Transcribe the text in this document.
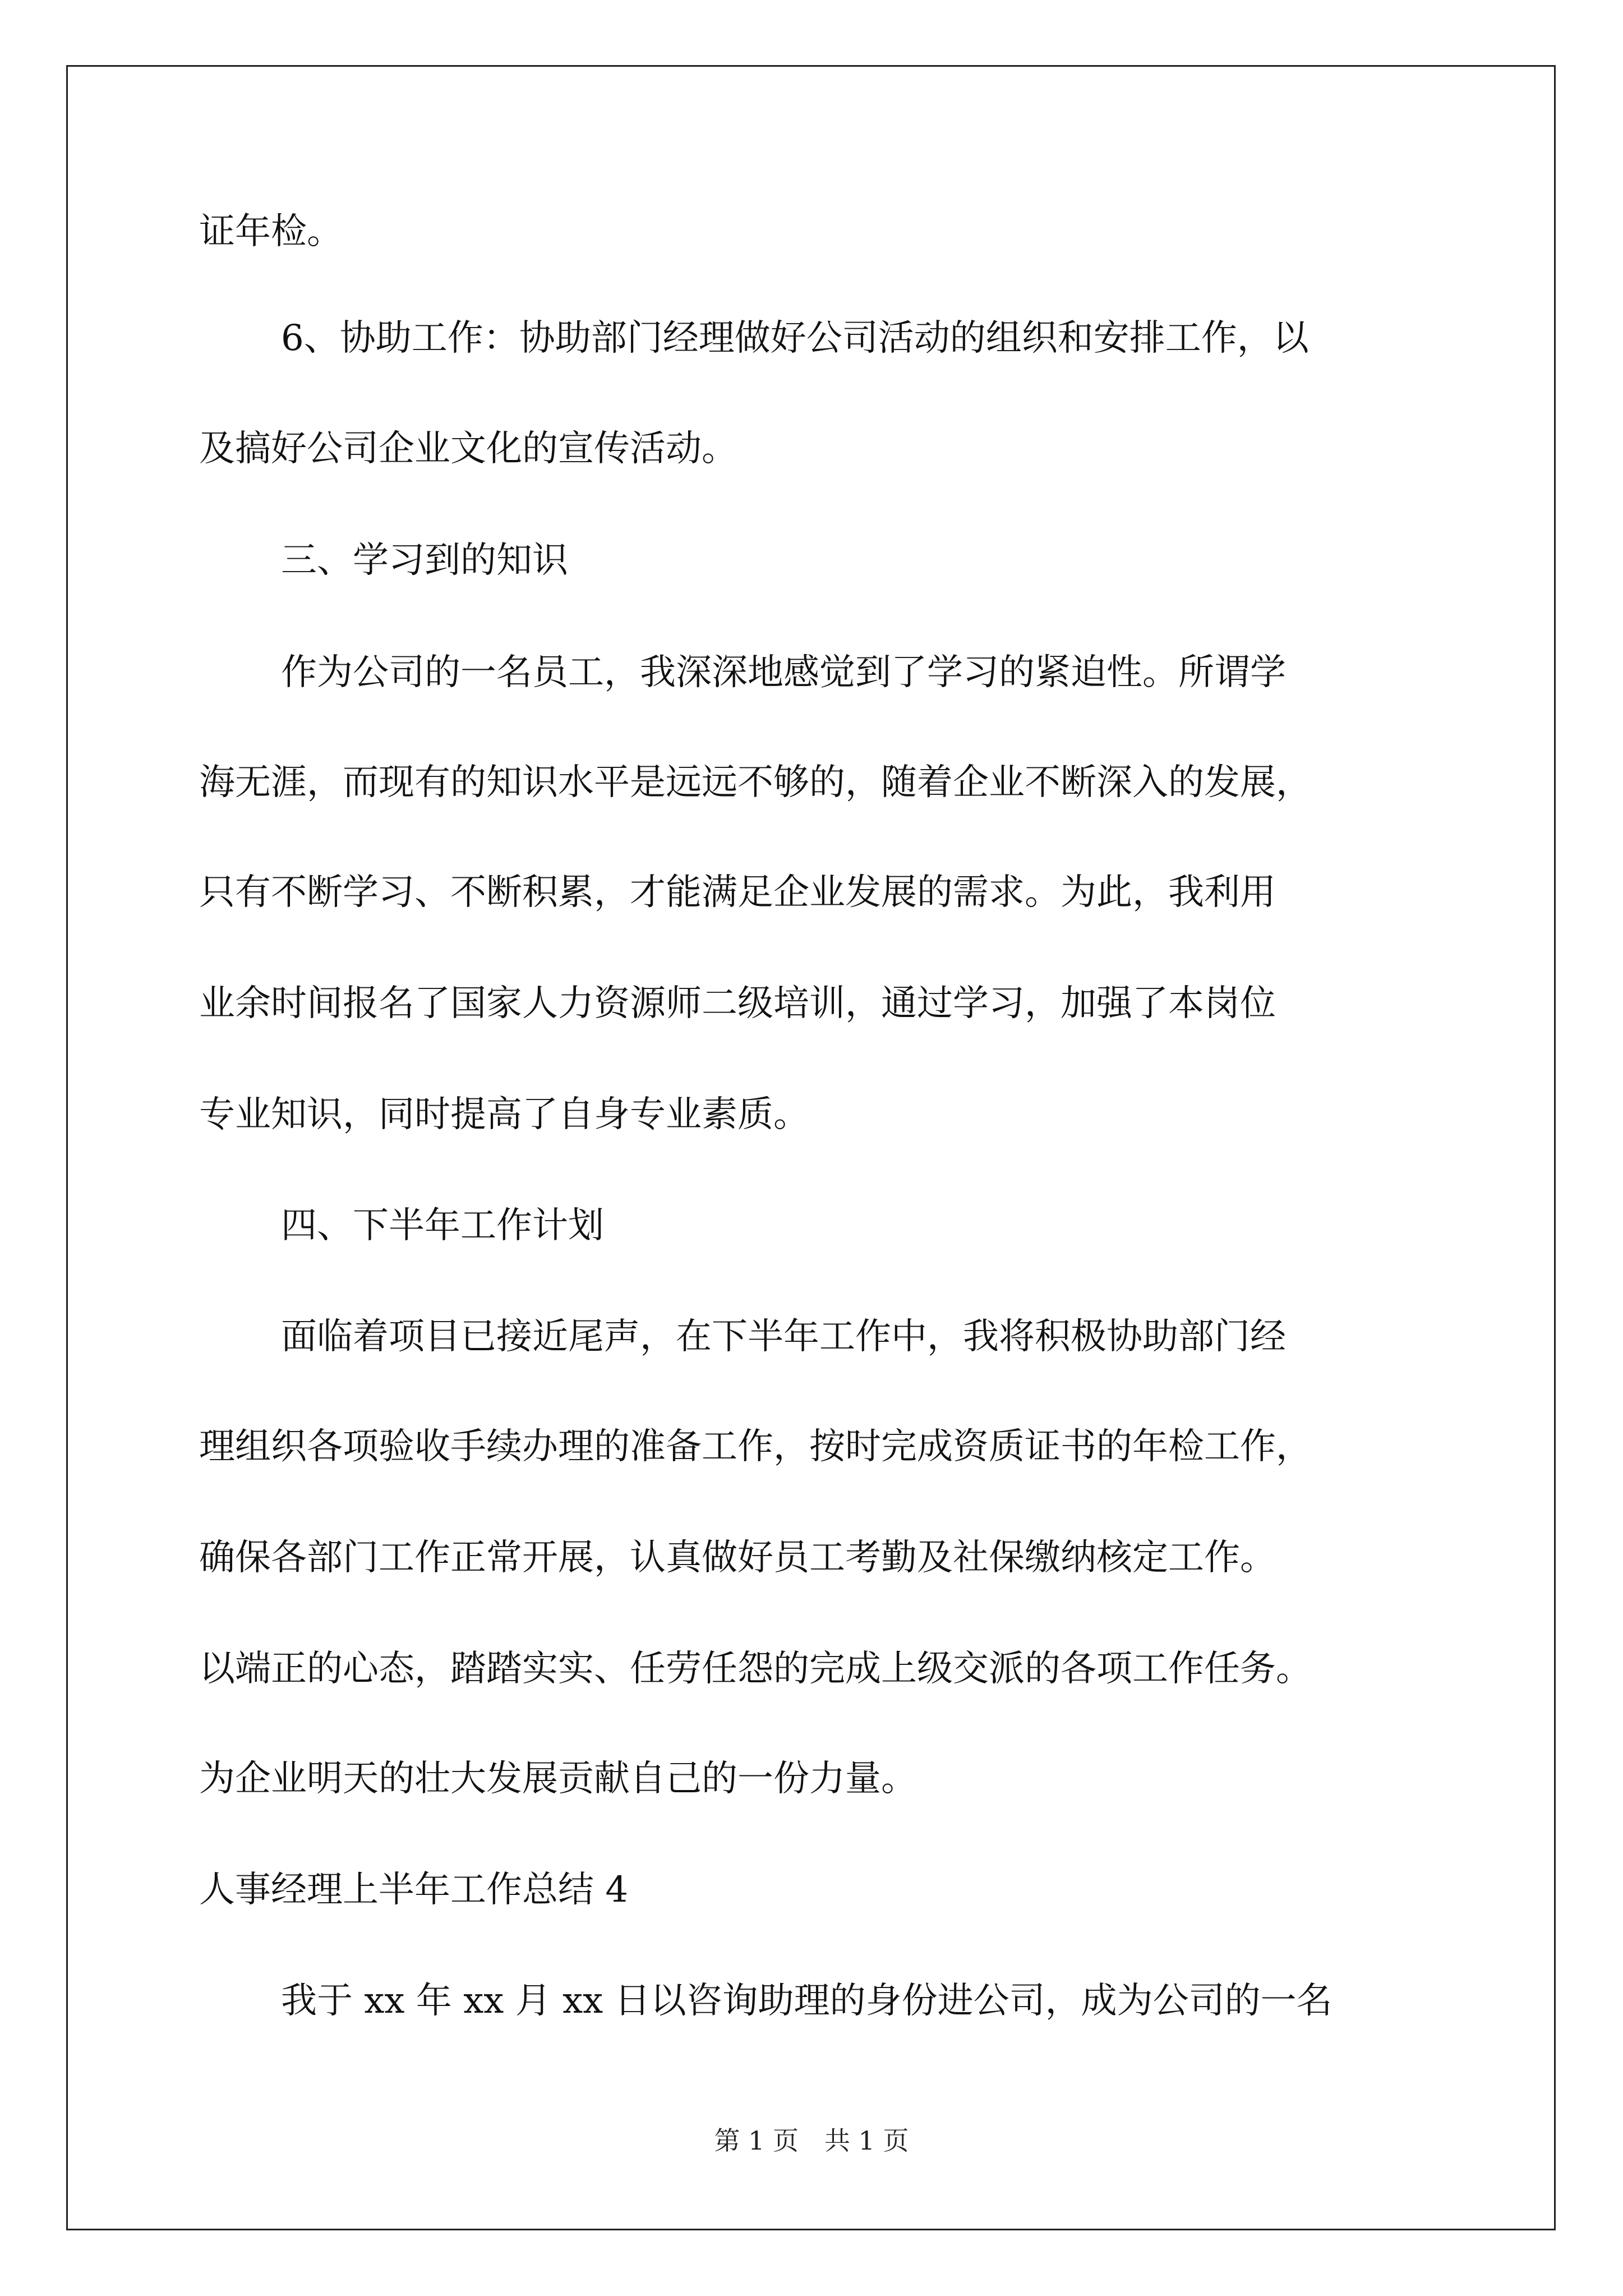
证年检。
6、协助工作：协助部门经理做好公司活动的组织和安排工作，以
及搞好公司企业文化的宣传活动。
三、学习到的知识
作为公司的一名员工，我深深地感觉到了学习的紧迫性。所谓学
海无涯，而现有的知识水平是远远不够的，随着企业不断深入的发展，
只有不断学习、不断积累，才能满足企业发展的需求。为此，我利用
业余时间报名了国家人力资源师二级培训，通过学习，加强了本岗位
专业知识，同时提高了自身专业素质。
四、下半年工作计划
面临着项目已接近尾声，在下半年工作中，我将积极协助部门经
理组织各项验收手续办理的准备工作，按时完成资质证书的年检工作，
确保各部门工作正常开展，认真做好员工考勤及社保缴纳核定工作。
以端正的心态，踏踏实实、任劳任怨的完成上级交派的各项工作任务。
为企业明天的壮大发展贡献自己的一份力量。
人事经理上半年工作总结 4
我于 xx 年 xx 月 xx 日以咨询助理的身份进公司，成为公司的一名
第 1 页　共 1 页
